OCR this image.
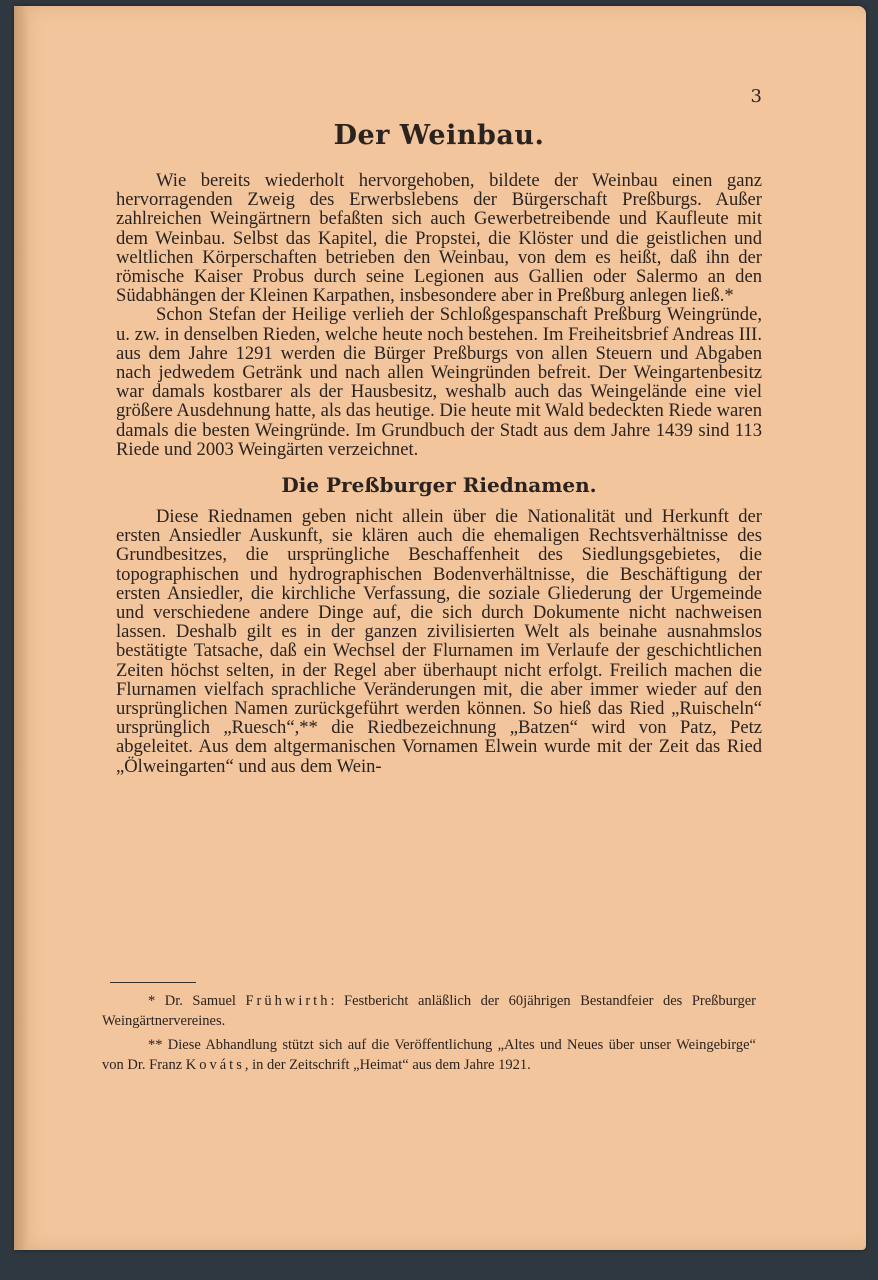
3
Der Weinbau.

Wie bereits wiederholt hervorgehoben, bildete der Weinbau einen ganz hervorragenden Zweig des Erwerbslebens der Bürgerschaft Preßburgs. Außer zahlreichen Weingärtnern befaßten sich auch Gewerbetreibende und Kaufleute mit dem Weinbau. Selbst das Kapitel, die Propstei, die Klöster und die geistlichen und weltlichen Körperschaften betrieben den Weinbau, von dem es heißt, daß ihn der römische Kaiser Probus durch seine Legionen aus Gallien oder Salermo an den Südabhängen der Kleinen Karpathen, insbesondere aber in Preßburg anlegen ließ.*

Schon Stefan der Heilige verlieh der Schloßgespanschaft Preßburg Weingründe, u. zw. in denselben Rieden, welche heute noch bestehen. Im Freiheitsbrief Andreas III. aus dem Jahre 1291 werden die Bürger Preßburgs von allen Steuern und Abgaben nach jedwedem Getränk und nach allen Weingründen befreit. Der Weingartenbesitz war damals kostbarer als der Hausbesitz, weshalb auch das Weingelände eine viel größere Ausdehnung hatte, als das heutige. Die heute mit Wald bedeckten Riede waren damals die besten Weingründe. Im Grundbuch der Stadt aus dem Jahre 1439 sind 113 Riede und 2003 Weingärten verzeichnet.

Die Preßburger Riednamen.

Diese Riednamen geben nicht allein über die Nationalität und Herkunft der ersten Ansiedler Auskunft, sie klären auch die ehemaligen Rechtsverhältnisse des Grundbesitzes, die ursprüngliche Beschaffenheit des Siedlungsgebietes, die topographischen und hydrographischen Bodenverhältnisse, die Beschäftigung der ersten Ansiedler, die kirchliche Verfassung, die soziale Gliederung der Urgemeinde und verschiedene andere Dinge auf, die sich durch Dokumente nicht nachweisen lassen. Deshalb gilt es in der ganzen zivilisierten Welt als beinahe ausnahmslos bestätigte Tatsache, daß ein Wechsel der Flurnamen im Verlaufe der geschichtlichen Zeiten höchst selten, in der Regel aber überhaupt nicht erfolgt. Freilich machen die Flurnamen vielfach sprachliche Veränderungen mit, die aber immer wieder auf den ursprünglichen Namen zurückgeführt werden können. So hieß das Ried „Ruischeln“ ursprünglich „Ruesch“,** die Riedbezeichnung „Batzen“ wird von Patz, Petz abgeleitet. Aus dem altgermanischen Vornamen Elwein wurde mit der Zeit das Ried „Ölweingarten“ und aus dem Wein-

* Dr. Samuel Frühwirth: Festbericht anläßlich der 60jährigen Bestandfeier des Preßburger Weingärtnervereines.

** Diese Abhandlung stützt sich auf die Veröffentlichung „Altes und Neues über unser Weingebirge“ von Dr. Franz Kováts, in der Zeitschrift „Heimat“ aus dem Jahre 1921.
